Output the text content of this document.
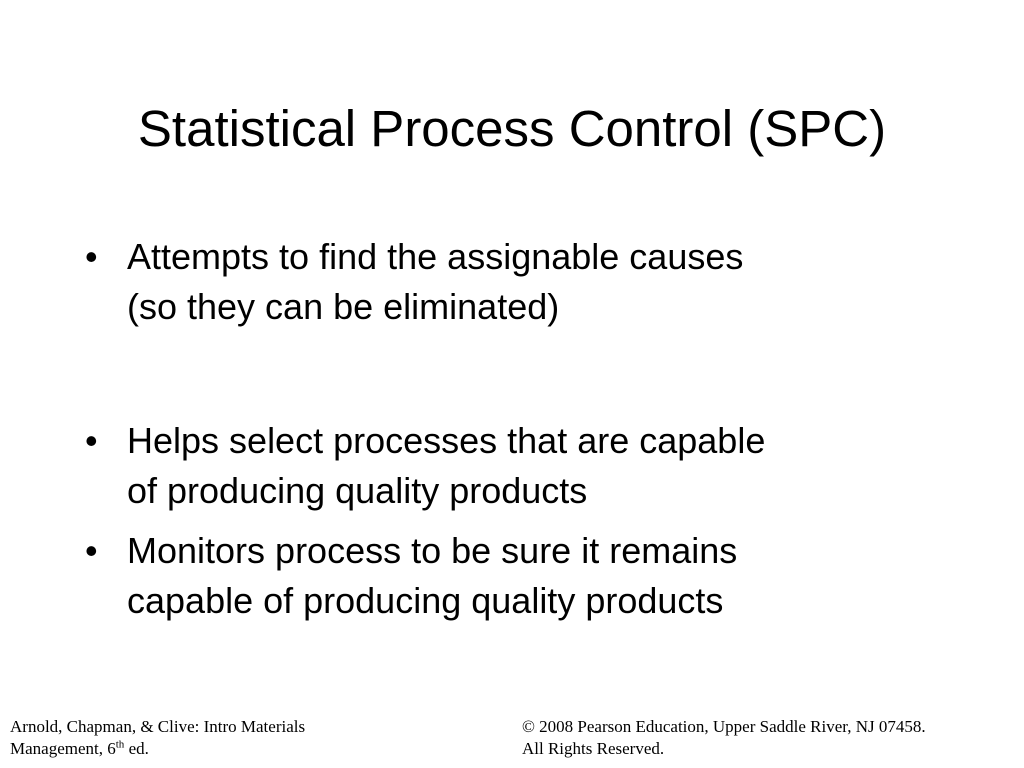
Statistical Process Control (SPC)
• Attempts to find the assignable causes
(so they can be eliminated)
• Helps select processes that are capable
of producing quality products
• Monitors process to be sure it remains
capable of producing quality products
Arnold, Chapman, & Clive: Intro Materials
Management, 6th ed.
© 2008 Pearson Education, Upper Saddle River, NJ 07458.
All Rights Reserved.
